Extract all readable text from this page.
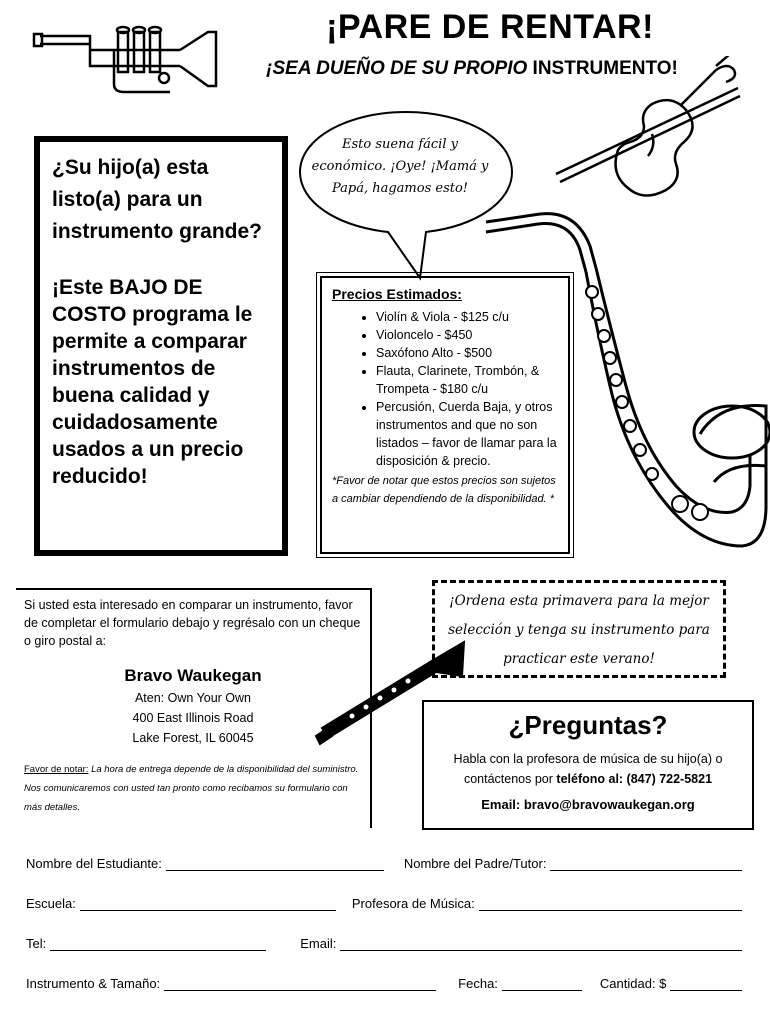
¡PARE DE RENTAR!
¡SEA DUEÑO DE SU PROPIO INSTRUMENTO!
Esto suena fácil y económico. ¡Oye! ¡Mamá y Papá, hagamos esto!
¿Su hijo(a) esta listo(a) para un instrumento grande?
¡Este BAJO DE COSTO programa le permite a comparar instrumentos de buena calidad y cuidadosamente usados a un precio reducido!
Precios Estimados:
• Violín & Viola - $125 c/u
• Violoncelo - $450
• Saxófono Alto - $500
• Flauta, Clarinete, Trombón, & Trompeta - $180 c/u
• Percusión, Cuerda Baja, y otros instrumentos and que no son listados – favor de llamar para la disposición & precio.
*Favor de notar que estos precios son sujetos a cambiar dependiendo de la disponibilidad. *
Si usted esta interesado en comparar un instrumento, favor de completar el formulario debajo y regrésalo con un cheque o giro postal a:
Bravo Waukegan
Aten: Own Your Own
400 East Illinois Road
Lake Forest, IL 60045
Favor de notar: La hora de entrega depende de la disponibilidad del suministro. Nos comunicaremos con usted tan pronto como recibamos su formulario con más detalles.
¡Ordena esta primavera para la mejor selección y tenga su instrumento para practicar este verano!
¿Preguntas?
Habla con la profesora de música de su hijo(a) o contáctenos por teléfono al: (847) 722-5821
Email: bravo@bravowaukegan.org
Nombre del Estudiante:	Nombre del Padre/Tutor:
Escuela:	Profesora de Música:
Tel:	Email:
Instrumento & Tamaño:	Fecha:	Cantidad: $
